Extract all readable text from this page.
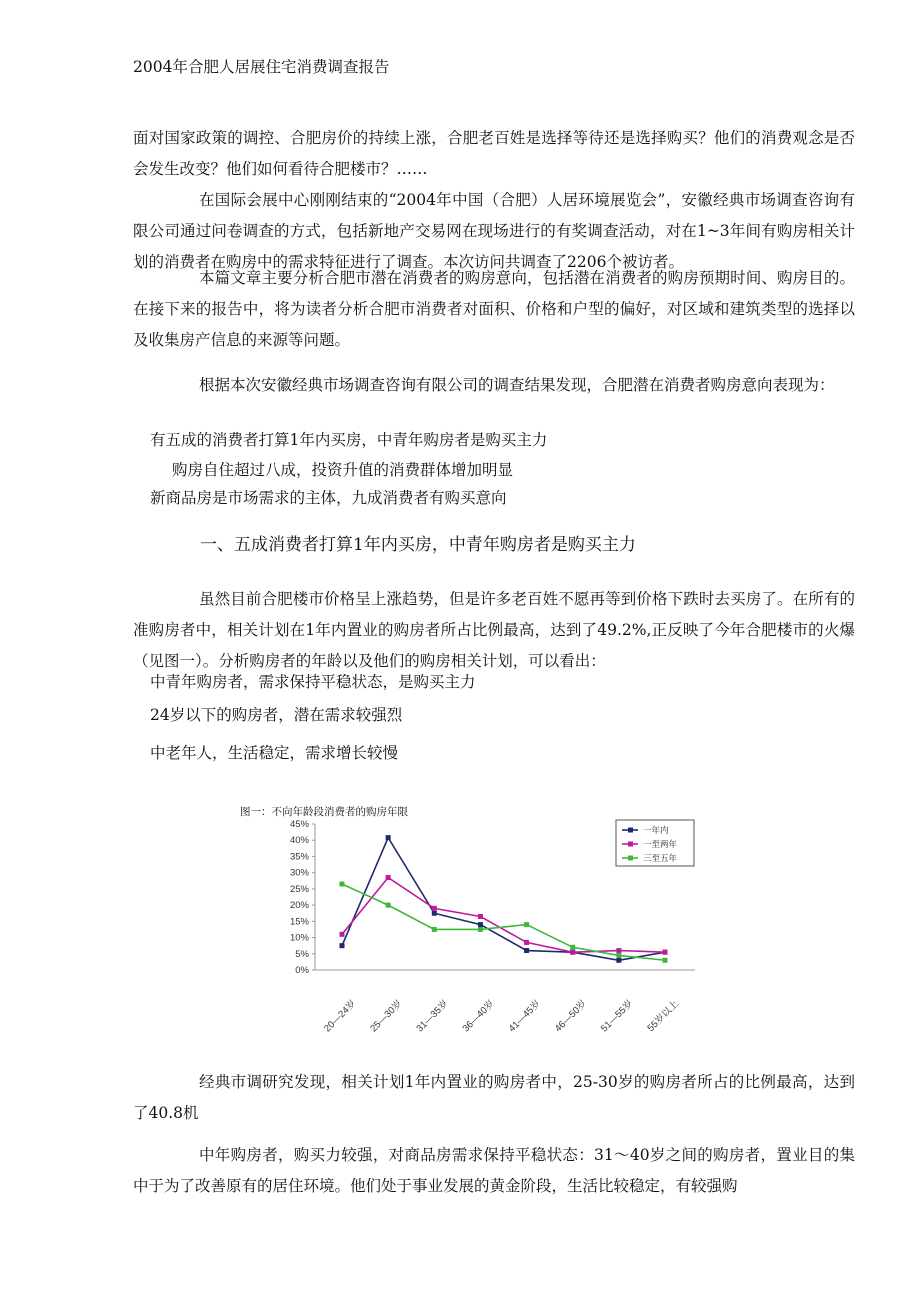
2004年合肥人居展住宅消费调查报告

面对国家政策的调控、合肥房价的持续上涨，合肥老百姓是选择等待还是选择购买？他们的消费观念是否会发生改变？他们如何看待合肥楼市？……

在国际会展中心刚刚结束的“2004年中国（合肥）人居环境展览会”，安徽经典市场调查咨询有限公司通过问卷调查的方式，包括新地产交易网在现场进行的有奖调查活动，对在1~3年间有购房相关计划的消费者在购房中的需求特征进行了调查。本次访问共调查了2206个被访者。

本篇文章主要分析合肥市潜在消费者的购房意向，包括潜在消费者的购房预期时间、购房目的。在接下来的报告中，将为读者分析合肥市消费者对面积、价格和户型的偏好，对区域和建筑类型的选择以及收集房产信息的来源等问题。

根据本次安徽经典市场调查咨询有限公司的调查结果发现，合肥潜在消费者购房意向表现为：

有五成的消费者打算1年内买房，中青年购房者是购买主力

购房自住超过八成，投资升值的消费群体增加明显

新商品房是市场需求的主体，九成消费者有购买意向

一、五成消费者打算1年内买房，中青年购房者是购买主力

虽然目前合肥楼市价格呈上涨趋势，但是许多老百姓不愿再等到价格下跌时去买房了。在所有的准购房者中，相关计划在1年内置业的购房者所占比例最高，达到了49.2%,正反映了今年合肥楼市的火爆（见图一）。分析购房者的年龄以及他们的购房相关计划，可以看出：

中青年购房者，需求保持平稳状态，是购买主力

24岁以下的购房者，潜在需求较强烈

中老年人，生活稳定，需求增长较慢

图一：不向年龄段消费者的购房年限
45%
40%
35%
30%
25%
20%
15%
10%
5%
0%
20—24岁 25—30岁 31—35岁 36—40岁 41—45岁 46—50岁 51—55岁 55岁以上
一年内
一至两年
三至五年

经典市调研究发现，相关计划1年内置业的购房者中，25-30岁的购房者所占的比例最高，达到了40.8机

中年购房者，购买力较强，对商品房需求保持平稳状态：31～40岁之间的购房者，置业目的集中于为了改善原有的居住环境。他们处于事业发展的黄金阶段，生活比较稳定，有较强购
